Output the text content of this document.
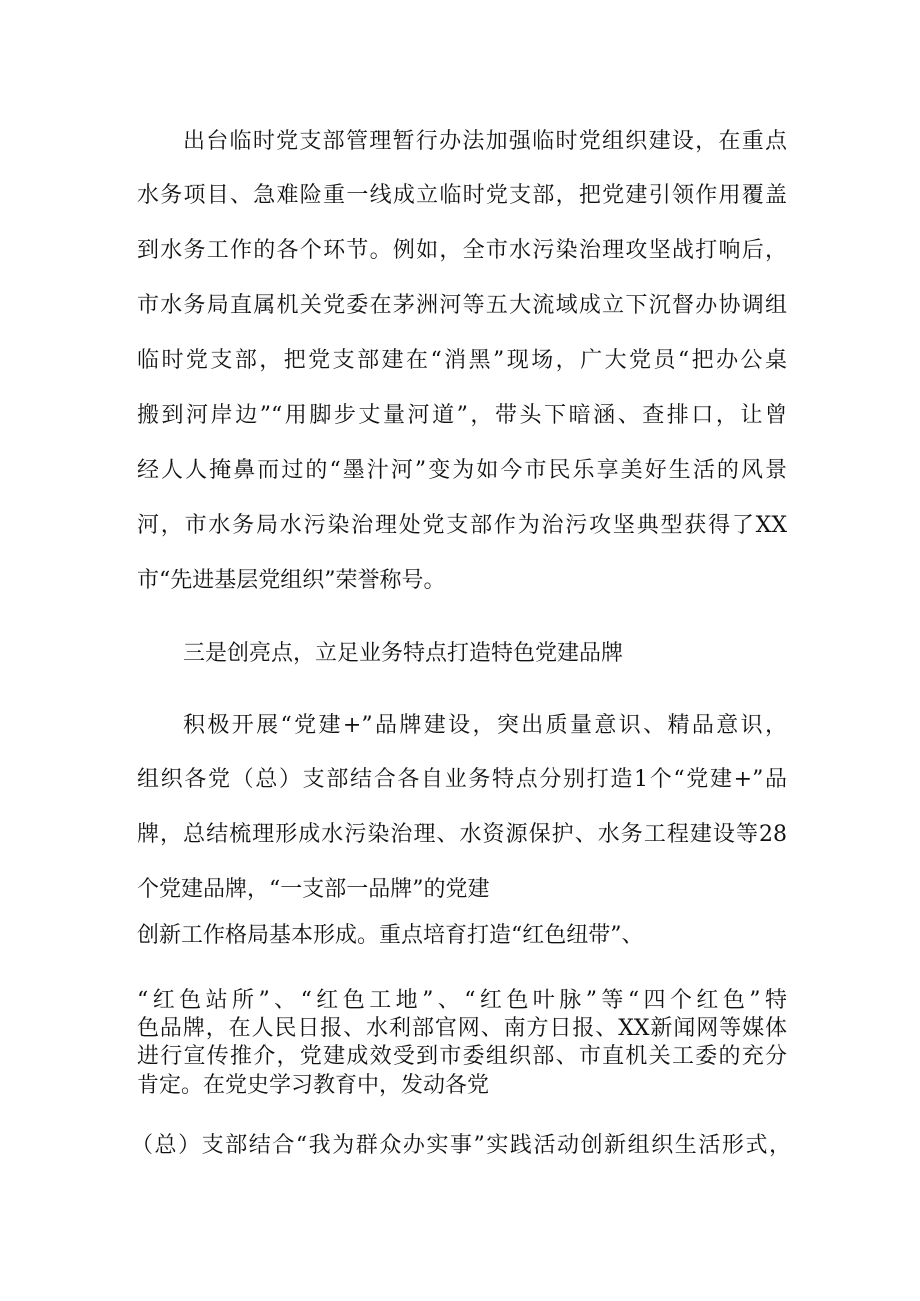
出台临时党支部管理暂行办法加强临时党组织建设，在重点
水务项目、急难险重一线成立临时党支部，把党建引领作用覆盖
到水务工作的各个环节。例如，全市水污染治理攻坚战打响后，
市水务局直属机关党委在茅洲河等五大流域成立下沉督办协调组
临时党支部，把党支部建在“消黑”现场，广大党员“把办公桌
搬到河岸边”“用脚步丈量河道”，带头下暗涵、查排口，让曾
经人人掩鼻而过的“墨汁河”变为如今市民乐享美好生活的风景
河，市水务局水污染治理处党支部作为治污攻坚典型获得了XX
市“先进基层党组织”荣誉称号。
三是创亮点，立足业务特点打造特色党建品牌
积极开展“党建+”品牌建设，突出质量意识、精品意识，
组织各党（总）支部结合各自业务特点分别打造1个“党建+”品
牌，总结梳理形成水污染治理、水资源保护、水务工程建设等28
个党建品牌，“一支部一品牌”的党建
创新工作格局基本形成。重点培育打造“红色纽带”、
“红色站所”、“红色工地”、“红色叶脉”等“四个红色”特
色品牌，在人民日报、水利部官网、南方日报、XX新闻网等媒体
进行宣传推介，党建成效受到市委组织部、市直机关工委的充分
肯定。在党史学习教育中，发动各党
（总）支部结合“我为群众办实事”实践活动创新组织生活形式，
